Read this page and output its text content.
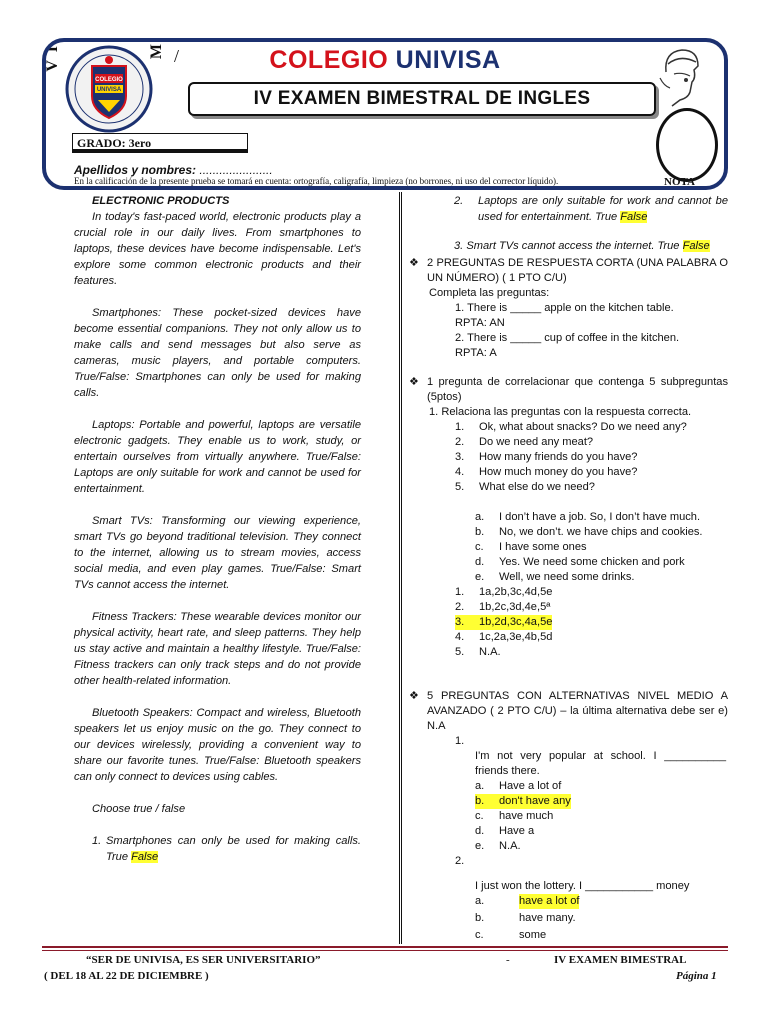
I
V
M /
COLEGIO
UNIVISA
COLEGIO UNIVISA
IV EXAMEN BIMESTRAL DE INGLES
NOTA
GRADO: 3ero
Apellidos y nombres: ......................
En la calificación de la presente prueba se tomará en cuenta: ortografía, caligrafía, limpieza (no borrones, ni uso del corrector líquido).
ELECTRONIC PRODUCTS

In today's fast-paced world, electronic products play a crucial role in our daily lives. From smartphones to laptops, these devices have become indispensable. Let's explore some common electronic products and their features.

Smartphones: These pocket-sized devices have become essential companions. They not only allow us to make calls and send messages but also serve as cameras, music players, and portable computers. True/False: Smartphones can only be used for making calls.

Laptops: Portable and powerful, laptops are versatile electronic gadgets. They enable us to work, study, or entertain ourselves from virtually anywhere. True/False: Laptops are only suitable for work and cannot be used for entertainment.

Smart TVs: Transforming our viewing experience, smart TVs go beyond traditional television. They connect to the internet, allowing us to stream movies, access social media, and even play games. True/False: Smart TVs cannot access the internet.

Fitness Trackers: These wearable devices monitor our physical activity, heart rate, and sleep patterns. They help us stay active and maintain a healthy lifestyle. True/False: Fitness trackers can only track steps and do not provide other health-related information.

Bluetooth Speakers: Compact and wireless, Bluetooth speakers let us enjoy music on the go. They connect to our devices wirelessly, providing a convenient way to share our favorite tunes. True/False: Bluetooth speakers can only connect to devices using cables.

Choose true / false

1. Smartphones can only be used for making calls. True False

2.	Laptops are only suitable for work and cannot be used for entertainment. True False
3. Smart TVs cannot access the internet. True False
❖ 2 PREGUNTAS DE RESPUESTA CORTA (UNA PALABRA O UN NÚMERO) ( 1 PTO C/U)
Completa las preguntas:
1. There is _____ apple on the kitchen table.
RPTA: AN
2. There is _____ cup of coffee in the kitchen.
RPTA: A
❖ 1 pregunta de correlacionar que contenga 5 subpreguntas (5ptos)
1. Relaciona las preguntas con la respuesta correcta.
1.	Ok, what about snacks? Do we need any?
2.	Do we need any meat?
3.	How many friends do you have?
4.	How much money do you have?
5.	What else do we need?
a.	I don’t have a job. So, I don’t have much.
b.	No, we don’t. we have chips and cookies.
c.	I have some ones
d.	Yes. We need some chicken and pork
e.	Well, we need some drinks.
1.	1a,2b,3c,4d,5e
2.	1b,2c,3d,4e,5ª
3.	1b,2d,3c,4a,5e
4.	1c,2a,3e,4b,5d
5.	N.A.
❖ 5 PREGUNTAS CON ALTERNATIVAS NIVEL MEDIO A AVANZADO ( 2 PTO C/U) – la última alternativa debe ser e) N.A
1.
I'm not very popular at school. I __________ friends there.
a.	Have a lot of
b.	don't have any
c.	have much
d.	Have a
e.	N.A.
2.
I just won the lottery. I ___________ money
a.	have a lot of
b.	have many.
c.	some
“SER DE UNIVISA, ES SER UNIVERSITARIO”	-	IV EXAMEN BIMESTRAL
( DEL 18 AL 22 DE DICIEMBRE )	Página 1
